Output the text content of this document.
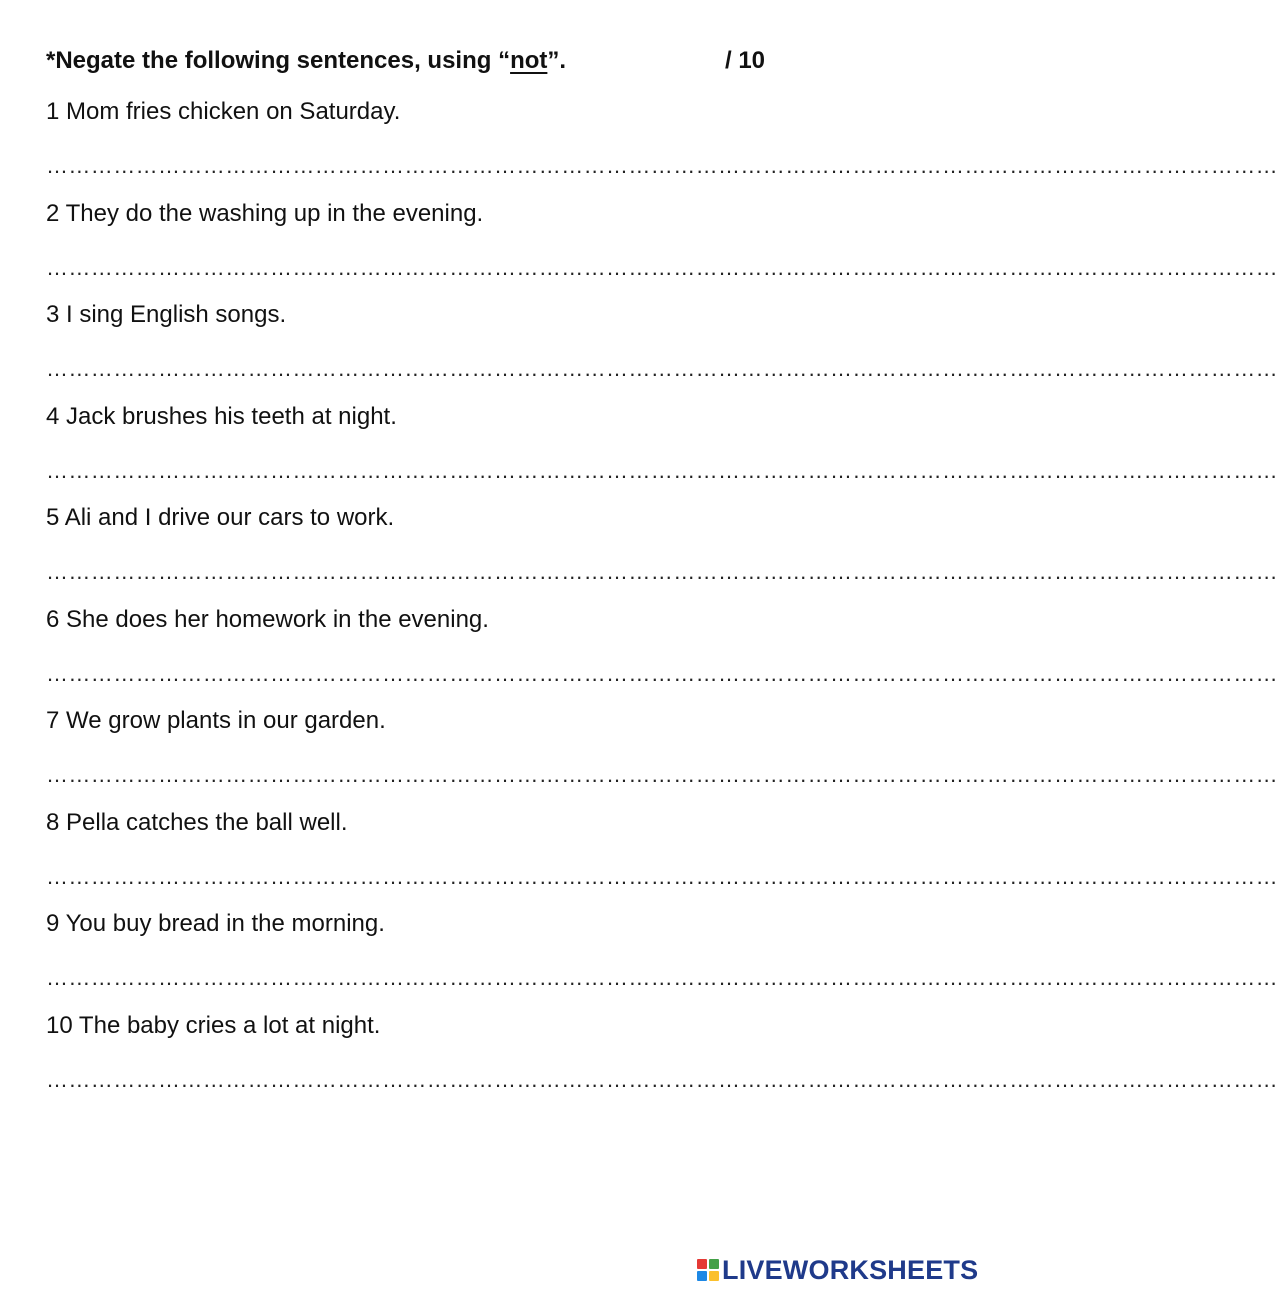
*Negate the following sentences, using “not”.	/ 10
1 Mom fries chicken on Saturday.
…………………………………………………………………………………………………………………………………………………
2 They do the washing up in the evening.
…………………………………………………………………………………………………………………………………………………
3 I sing English songs.
…………………………………………………………………………………………………………………………………………………
4 Jack brushes his teeth at night.
…………………………………………………………………………………………………………………………………………………
5 Ali and I drive our cars to work.
…………………………………………………………………………………………………………………………………………………
6 She does her homework in the evening.
…………………………………………………………………………………………………………………………………………………
7 We grow plants in our garden.
…………………………………………………………………………………………………………………………………………………
8 Pella catches the ball well.
…………………………………………………………………………………………………………………………………………………
9 You buy bread in the morning.
…………………………………………………………………………………………………………………………………………………
10 The baby cries a lot at night.
…………………………………………………………………………………………………………………………………………………
LIVEWORKSHEETS
